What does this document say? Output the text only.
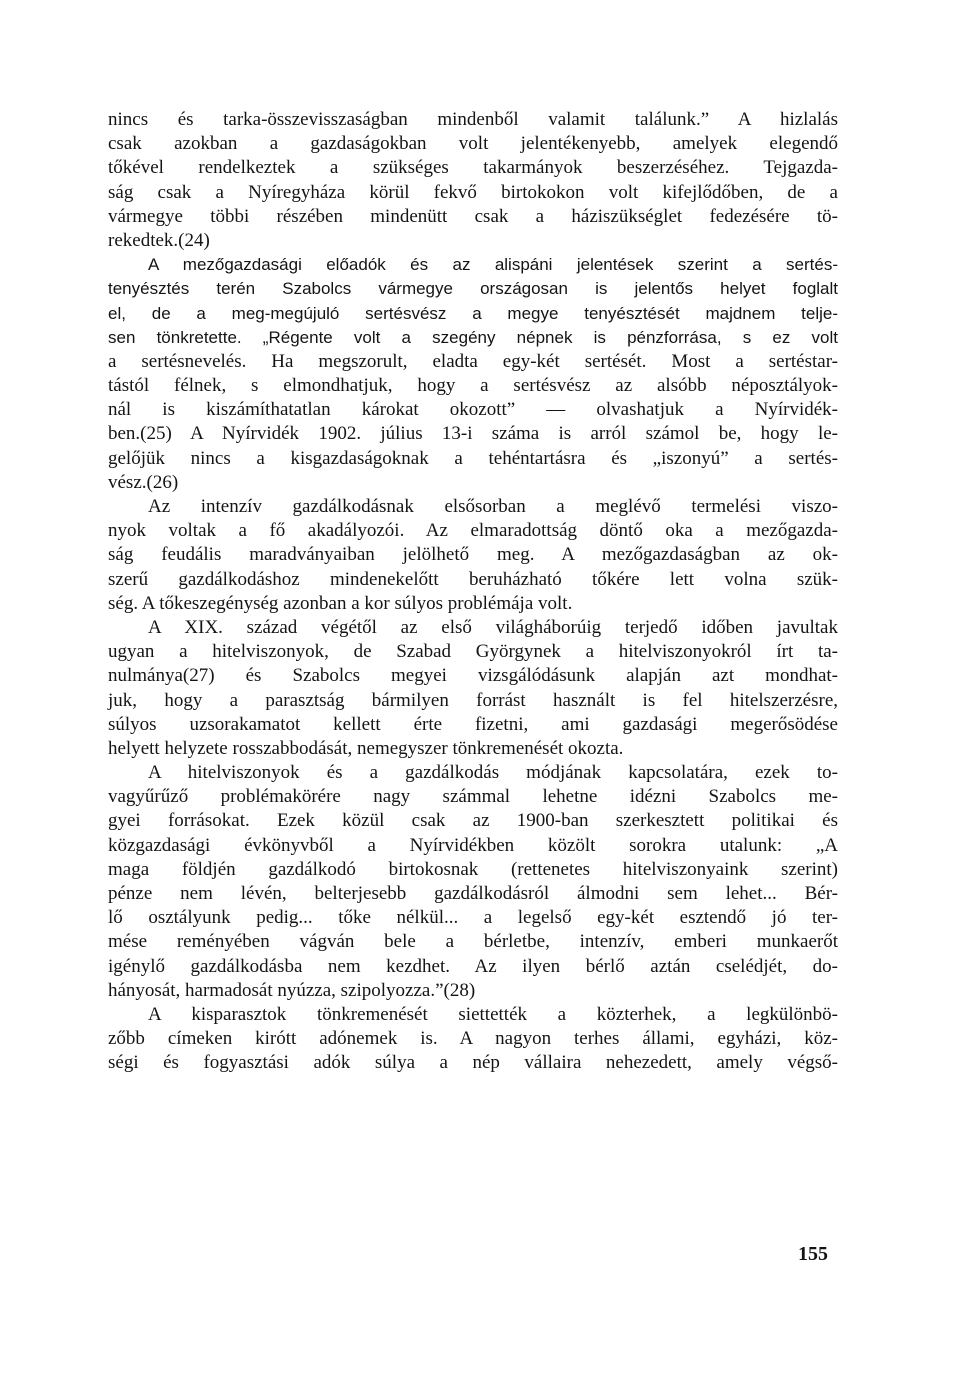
nincs és tarka-összevisszaságban mindenből valamit találunk.” A hizlalás
csak azokban a gazdaságokban volt jelentékenyebb, amelyek elegendő
tőkével rendelkeztek a szükséges takarmányok beszerzéséhez. Tejgazda-
ság csak a Nyíregyháza körül fekvő birtokokon volt kifejlődőben, de a
vármegye többi részében mindenütt csak a háziszükséglet fedezésére tö-
rekedtek.(24)
A mezőgazdasági előadók és az alispáni jelentések szerint a sertés-
tenyésztés terén Szabolcs vármegye országosan is jelentős helyet foglalt
el, de a meg-megújuló sertésvész a megye tenyésztését majdnem telje-
sen tönkretette. „Régente volt a szegény népnek is pénzforrása, s ez volt
a sertésnevelés. Ha megszorult, eladta egy-két sertését. Most a sertéstar-
tástól félnek, s elmondhatjuk, hogy a sertésvész az alsóbb néposztályok-
nál is kiszámíthatatlan károkat okozott” — olvashatjuk a Nyírvidék-
ben.(25) A Nyírvidék 1902. július 13-i száma is arról számol be, hogy le-
gelőjük nincs a kisgazdaságoknak a tehéntartásra és „iszonyú” a sertés-
vész.(26)
Az intenzív gazdálkodásnak elsősorban a meglévő termelési viszo-
nyok voltak a fő akadályozói. Az elmaradottság döntő oka a mezőgazda-
ság feudális maradványaiban jelölhető meg. A mezőgazdaságban az ok-
szerű gazdálkodáshoz mindenekelőtt beruházható tőkére lett volna szük-
ség. A tőkeszegénység azonban a kor súlyos problémája volt.
A XIX. század végétől az első világháborúig terjedő időben javultak
ugyan a hitelviszonyok, de Szabad Györgynek a hitelviszonyokról írt ta-
nulmánya(27) és Szabolcs megyei vizsgálódásunk alapján azt mondhat-
juk, hogy a parasztság bármilyen forrást használt is fel hitelszerzésre,
súlyos uzsorakamatot kellett érte fizetni, ami gazdasági megerősödése
helyett helyzete rosszabbodását, nemegyszer tönkremenését okozta.
A hitelviszonyok és a gazdálkodás módjának kapcsolatára, ezek to-
vagyűrűző problémakörére nagy számmal lehetne idézni Szabolcs me-
gyei forrásokat. Ezek közül csak az 1900-ban szerkesztett politikai és
közgazdasági évkönyvből a Nyírvidékben közölt sorokra utalunk: „A
maga földjén gazdálkodó birtokosnak (rettenetes hitelviszonyaink szerint)
pénze nem lévén, belterjesebb gazdálkodásról álmodni sem lehet... Bér-
lő osztályunk pedig... tőke nélkül... a legelső egy-két esztendő jó ter-
mése reményében vágván bele a bérletbe, intenzív, emberi munkaerőt
igénylő gazdálkodásba nem kezdhet. Az ilyen bérlő aztán cselédjét, do-
hányosát, harmadosát nyúzza, szipolyozza.”(28)
A kisparasztok tönkremenését siettették a közterhek, a legkülönbö-
zőbb címeken kirótt adónemek is. A nagyon terhes állami, egyházi, köz-
ségi és fogyasztási adók súlya a nép vállaira nehezedett, amely végső-
155
